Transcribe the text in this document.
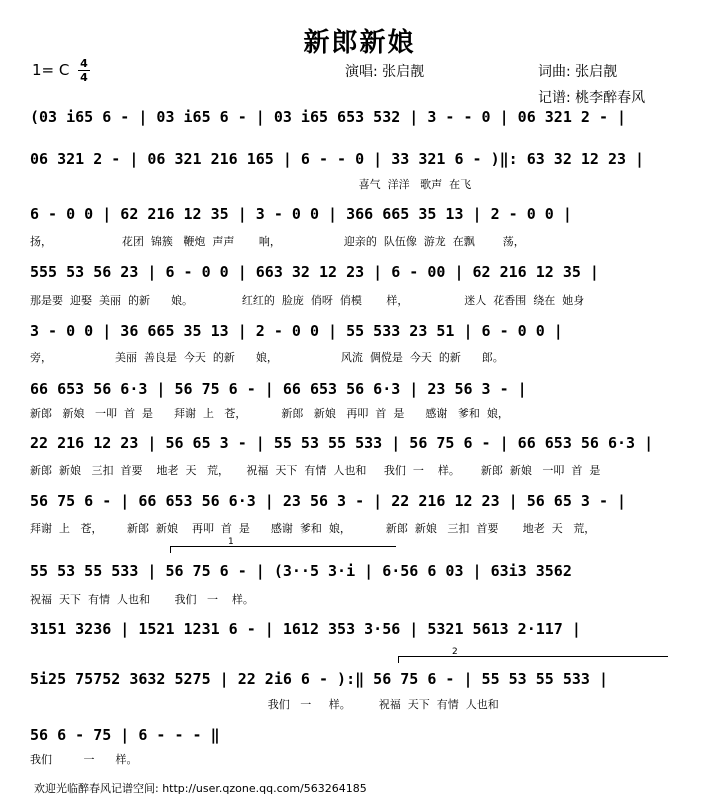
新郎新娘
1= C 4
4	演唱: 张启靓	词曲: 张启靓
记谱: 桃李醉春风
(03 i65 6 - | 03 i65 6 - | 03 i65 653 532 | 3 - - 0 | 06 321 2 - |
06 321 2 - | 06 321 216 165 | 6 - - 0 | 33 321 6 - )‖: 63 32 12 23 |
喜气  洋洋   歌声  在飞
6 - 0 0 | 62 216 12 35 | 3 - 0 0 | 366 665 35 13 | 2 - 0 0 |
扬，                    花团  锦簇   鞭炮  声声       响，                  迎亲的  队伍像  游龙  在飘        荡，
555 53 56 23 | 6 - 0 0 | 663 32 12 23 | 6 - 00 | 62 216 12 35 |
那是要  迎娶  美丽  的新      娘。              红红的  脸庞  俏呀  俏模       样，                迷人  花香围  绕在  她身
3 - 0 0 | 36 665 35 13 | 2 - 0 0 | 55 533 23 51 | 6 - 0 0 |
旁，                  美丽  善良是  今天  的新      娘，                  风流  倜傥是  今天  的新      郎。
66 653 56 6·3 | 56 75 6 - | 66 653 56 6·3 | 23 56 3 - |
新郎   新娘   一叩  首  是      拜谢  上   苍，          新郎   新娘   再叩  首  是      感谢   爹和  娘，
22 216 12 23 | 56 65 3 - | 55 53 55 533 | 56 75 6 - | 66 653 56 6·3 |
新郎  新娘   三扣  首要    地老  天   荒，     祝福  天下  有情  人也和     我们  一    样。      新郎  新娘   一叩  首  是
56 75 6 - | 66 653 56 6·3 | 23 56 3 - | 22 216 12 23 | 56 65 3 - |
拜谢  上   苍，       新郎  新娘    再叩  首  是      感谢  爹和  娘，          新郎  新娘   三扣  首要       地老  天   荒，
1
55 53 55 533 | 56 75 6 - | (3··5 3·i | 6·56 6 03 | 63i3 3562
祝福  天下  有情  人也和       我们   一    样。
3151 3236 | 1521 1231 6 - | 1612 353 3·56 | 5321 5613 2·117 |
2
5i25 75752 3632 5275 | 22 2i6 6 - ):‖ 56 75 6 - | 55 53 55 533 |
我们   一     样。        祝福  天下  有情  人也和
56 6 - 75 | 6 - - - ‖
我们         一      样。
欢迎光临醉春风记谱空间: http://user.qzone.qq.com/563264185
